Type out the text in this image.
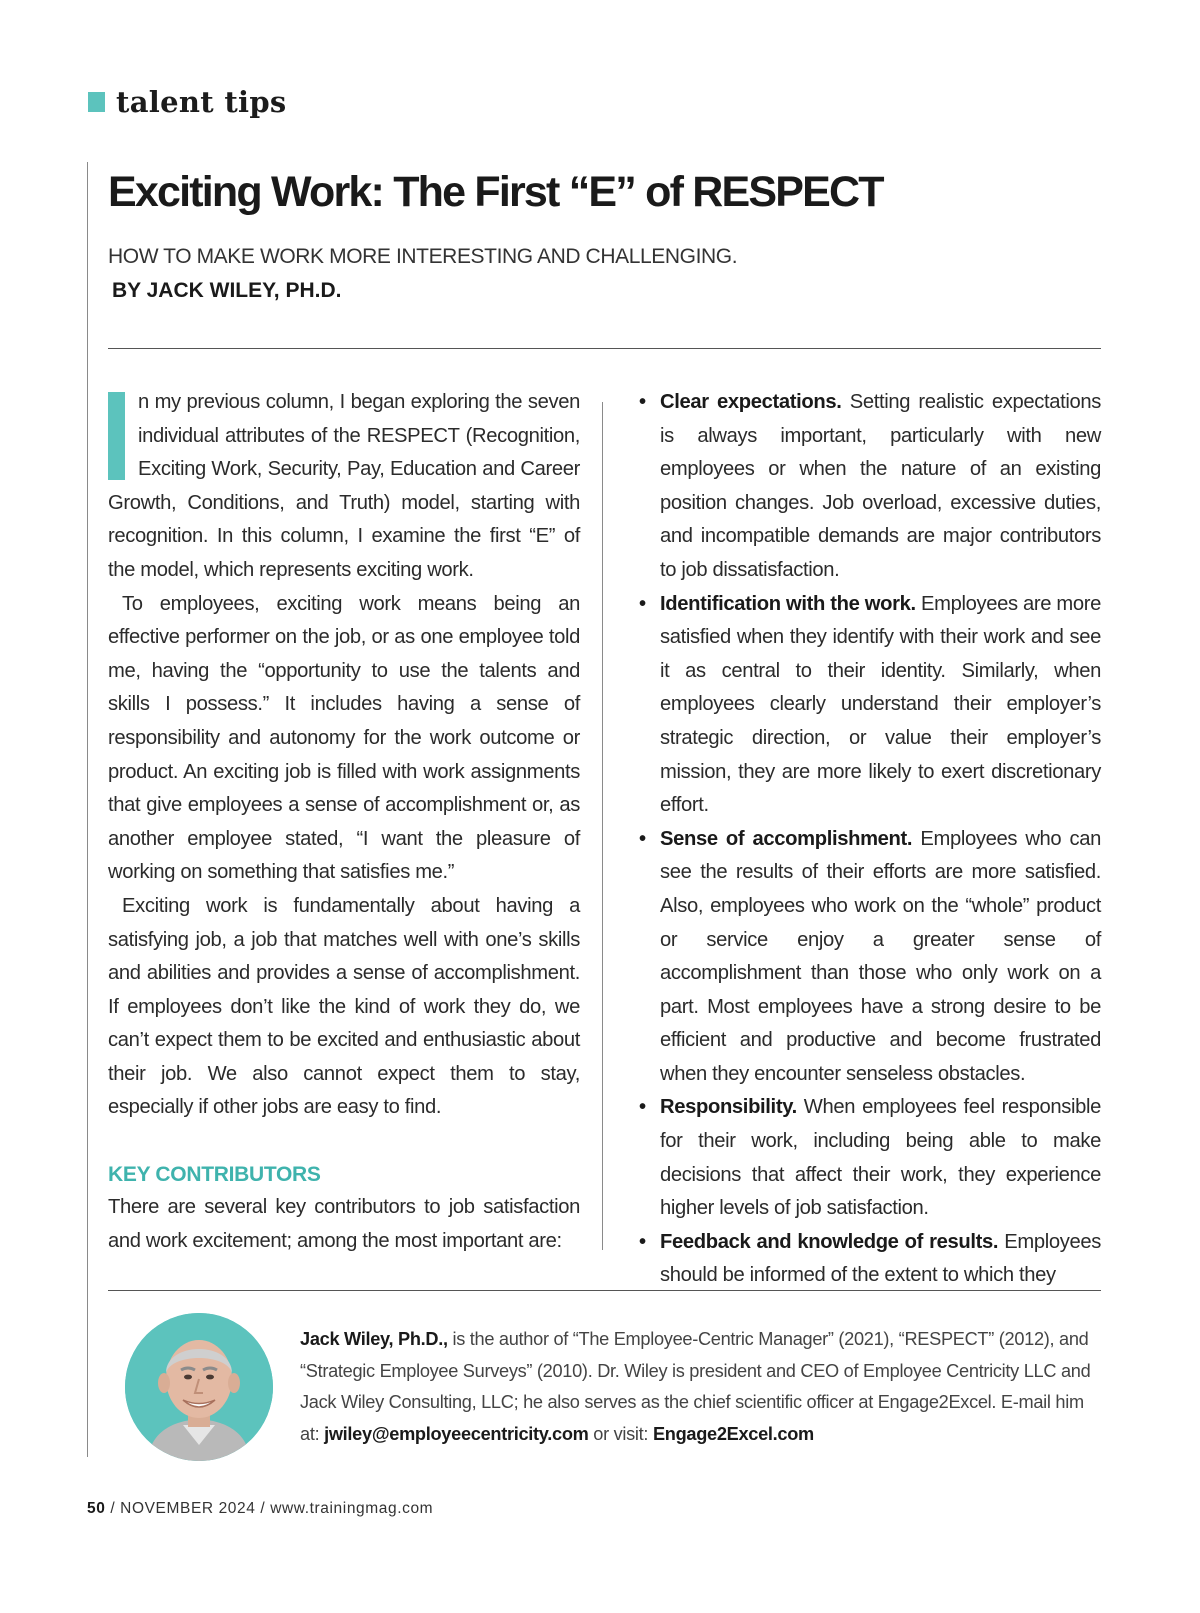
talent tips
Exciting Work: The First “E” of RESPECT
HOW TO MAKE WORK MORE INTERESTING AND CHALLENGING.
BY JACK WILEY, PH.D.

n my previous column, I began exploring the seven individual attributes of the RESPECT (Recognition, Exciting Work, Security, Pay, Education and Career Growth, Conditions, and Truth) model, starting with recognition. In this column, I examine the first “E” of the model, which represents exciting work.

To employees, exciting work means being an effective performer on the job, or as one employee told me, having the “opportunity to use the talents and skills I possess.” It includes having a sense of responsibility and autonomy for the work outcome or product. An exciting job is filled with work assignments that give employees a sense of accomplishment or, as another employee stated, “I want the pleasure of working on something that satisfies me.”

Exciting work is fundamentally about having a satisfying job, a job that matches well with one’s skills and abilities and provides a sense of accomplishment. If employees don’t like the kind of work they do, we can’t expect them to be excited and enthusiastic about their job. We also cannot expect them to stay, especially if other jobs are easy to find.

KEY CONTRIBUTORS

There are several key contributors to job satisfaction and work excitement; among the most important are:

• Clear expectations. Setting realistic expectations is always important, particularly with new employees or when the nature of an existing position changes. Job overload, excessive duties, and incompatible demands are major contributors to job dissatisfaction.
• Identification with the work. Employees are more satisfied when they identify with their work and see it as central to their identity. Similarly, when employees clearly understand their employer’s strategic direction, or value their employer’s mission, they are more likely to exert discretionary effort.
• Sense of accomplishment. Employees who can see the results of their efforts are more satisfied. Also, employees who work on the “whole” product or service enjoy a greater sense of accomplishment than those who only work on a part. Most employees have a strong desire to be efficient and productive and become frustrated when they encounter senseless obstacles.
• Responsibility. When employees feel responsible for their work, including being able to make decisions that affect their work, they experience higher levels of job satisfaction.
• Feedback and knowledge of results. Employees should be informed of the extent to which they
Jack Wiley, Ph.D., is the author of “The Employee-Centric Manager” (2021), “RESPECT” (2012), and “Strategic Employee Surveys” (2010). Dr. Wiley is president and CEO of Employee Centricity LLC and Jack Wiley Consulting, LLC; he also serves as the chief scientific officer at Engage2Excel. E-mail him at: jwiley@employeecentricity.com or visit: Engage2Excel.com
50 / NOVEMBER 2024 / www.trainingmag.com
